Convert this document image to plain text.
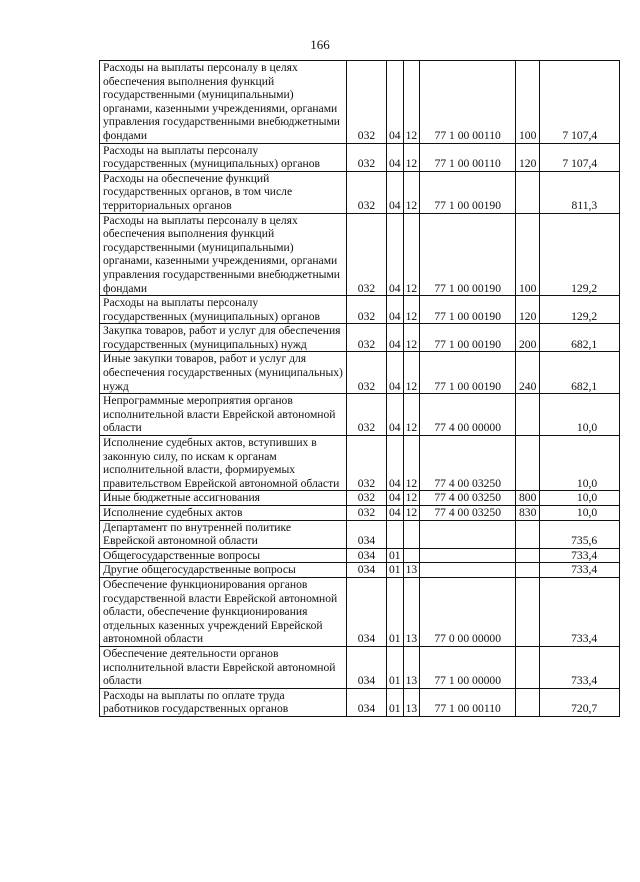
166
Расходы на выплаты персоналу в целях обеспечения выполнения функций государственными (муниципальными) органами, казенными учреждениями, органами управления государственными внебюджетными фондами	032	04	12	77 1 00 00110	100	7 107,4
Расходы на выплаты персоналу государственных (муниципальных) органов	032	04	12	77 1 00 00110	120	7 107,4
Расходы на обеспечение функций государственных органов, в том числе территориальных органов	032	04	12	77 1 00 00190		811,3
Расходы на выплаты персоналу в целях обеспечения выполнения функций государственными (муниципальными) органами, казенными учреждениями, органами управления государственными внебюджетными фондами	032	04	12	77 1 00 00190	100	129,2
Расходы на выплаты персоналу государственных (муниципальных) органов	032	04	12	77 1 00 00190	120	129,2
Закупка товаров, работ и услуг для обеспечения государственных (муниципальных) нужд	032	04	12	77 1 00 00190	200	682,1
Иные закупки товаров, работ и услуг для обеспечения государственных (муниципальных) нужд	032	04	12	77 1 00 00190	240	682,1
Непрограммные мероприятия органов исполнительной власти Еврейской автономной области	032	04	12	77 4 00 00000		10,0
Исполнение судебных актов, вступивших в законную силу, по искам к органам исполнительной власти, формируемых правительством Еврейской автономной области	032	04	12	77 4 00 03250		10,0
Иные бюджетные ассигнования	032	04	12	77 4 00 03250	800	10,0
Исполнение судебных актов	032	04	12	77 4 00 03250	830	10,0
Департамент по внутренней политике Еврейской автономной области	034					735,6
Общегосударственные вопросы	034	01				733,4
Другие общегосударственные вопросы	034	01	13			733,4
Обеспечение функционирования органов государственной власти Еврейской автономной области, обеспечение функционирования отдельных казенных учреждений Еврейской автономной области	034	01	13	77 0 00 00000		733,4
Обеспечение деятельности органов исполнительной власти Еврейской автономной области	034	01	13	77 1 00 00000		733,4
Расходы на выплаты по оплате труда работников государственных органов	034	01	13	77 1 00 00110		720,7
